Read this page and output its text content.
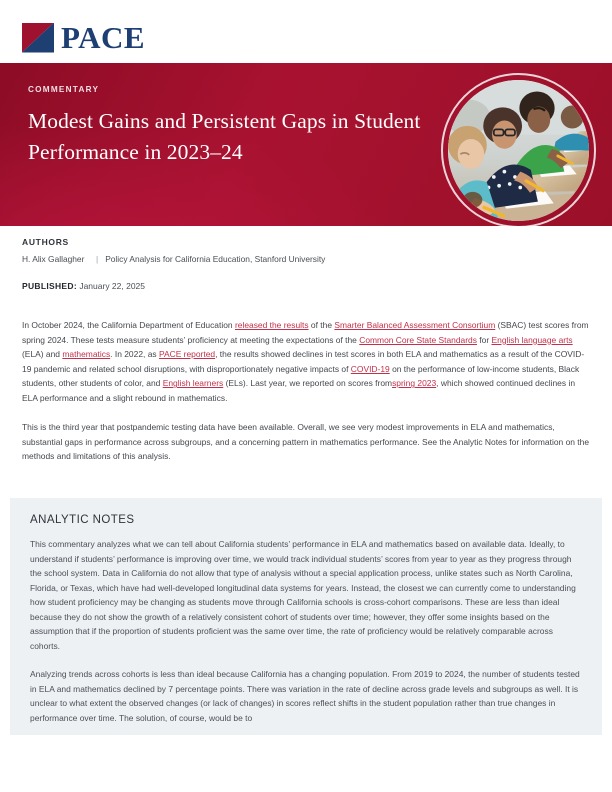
PACE
COMMENTARY
Modest Gains and Persistent Gaps in Student Performance in 2023–24
AUTHORS
H. Alix Gallagher	| Policy Analysis for California Education, Stanford University
PUBLISHED: January 22, 2025

In October 2024, the California Department of Education released the results of the Smarter Balanced Assessment Consortium (SBAC) test scores from spring 2024. These tests measure students’ proficiency at meeting the expectations of the Common Core State Standards for English language arts (ELA) and mathematics. In 2022, as PACE reported, the results showed declines in test scores in both ELA and mathematics as a result of the COVID-19 pandemic and related school disruptions, with disproportionately negative impacts of COVID-19 on the performance of low-income students, Black students, other students of color, and English learners (ELs). Last year, we reported on scores fromspring 2023, which showed continued declines in ELA performance and a slight rebound in mathematics.

This is the third year that postpandemic testing data have been available. Overall, we see very modest improvements in ELA and mathematics, substantial gaps in performance across subgroups, and a concerning pattern in mathematics performance. See the Analytic Notes for information on the methods and limitations of this analysis.

ANALYTIC NOTES

This commentary analyzes what we can tell about California students’ performance in ELA and mathematics based on available data. Ideally, to understand if students’ performance is improving over time, we would track individual students’ scores from year to year as they progress through the school system. Data in California do not allow that type of analysis without a special application process, unlike states such as North Carolina, Florida, or Texas, which have had well-developed longitudinal data systems for years. Instead, the closest we can currently come to understanding how student proficiency may be changing as students move through California schools is cross-cohort comparisons. These are less than ideal because they do not show the growth of a relatively consistent cohort of students over time; however, they offer some insights based on the assumption that if the proportion of students proficient was the same over time, the rate of proficiency would be relatively comparable across cohorts.

Analyzing trends across cohorts is less than ideal because California has a changing population. From 2019 to 2024, the number of students tested in ELA and mathematics declined by 7 percentage points. There was variation in the rate of decline across grade levels and subgroups as well. It is unclear to what extent the observed changes (or lack of changes) in scores reflect shifts in the student population rather than true changes in performance over time. The solution, of course, would be to
